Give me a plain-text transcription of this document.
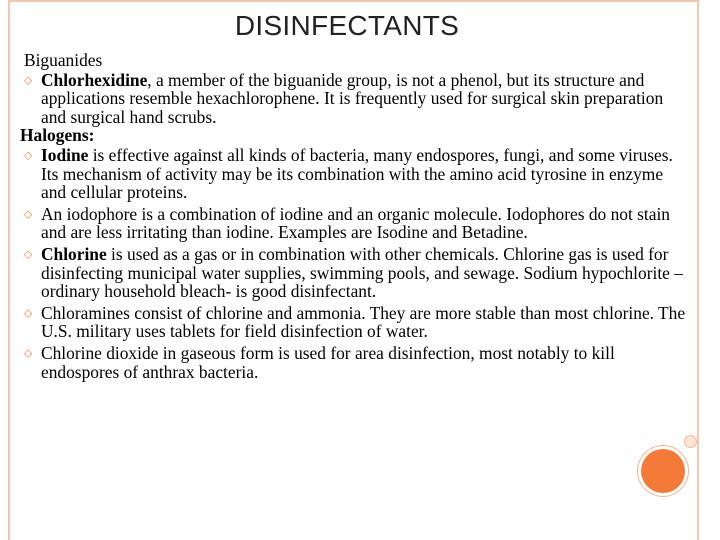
DISINFECTANTS

Biguanides

⬦ Chlorhexidine, a member of the biguanide group, is not a phenol, but its structure and applications resemble hexachlorophene. It is frequently used for surgical skin preparation and surgical hand scrubs.

Halogens:

⬦ Iodine is effective against all kinds of bacteria, many endospores, fungi, and some viruses. Its mechanism of activity may be its combination with the amino acid tyrosine in enzyme and cellular proteins.
⬦ An iodophore is a combination of iodine and an organic molecule. Iodophores do not stain and are less irritating than iodine. Examples are Isodine and Betadine.
⬦ Chlorine is used as a gas or in combination with other chemicals. Chlorine gas is used for disinfecting municipal water supplies, swimming pools, and sewage. Sodium hypochlorite – ordinary household bleach- is good disinfectant.
⬦ Chloramines consist of chlorine and ammonia. They are more stable than most chlorine. The U.S. military uses tablets for field disinfection of water.
⬦ Chlorine dioxide in gaseous form is used for area disinfection, most notably to kill endospores of anthrax bacteria.
